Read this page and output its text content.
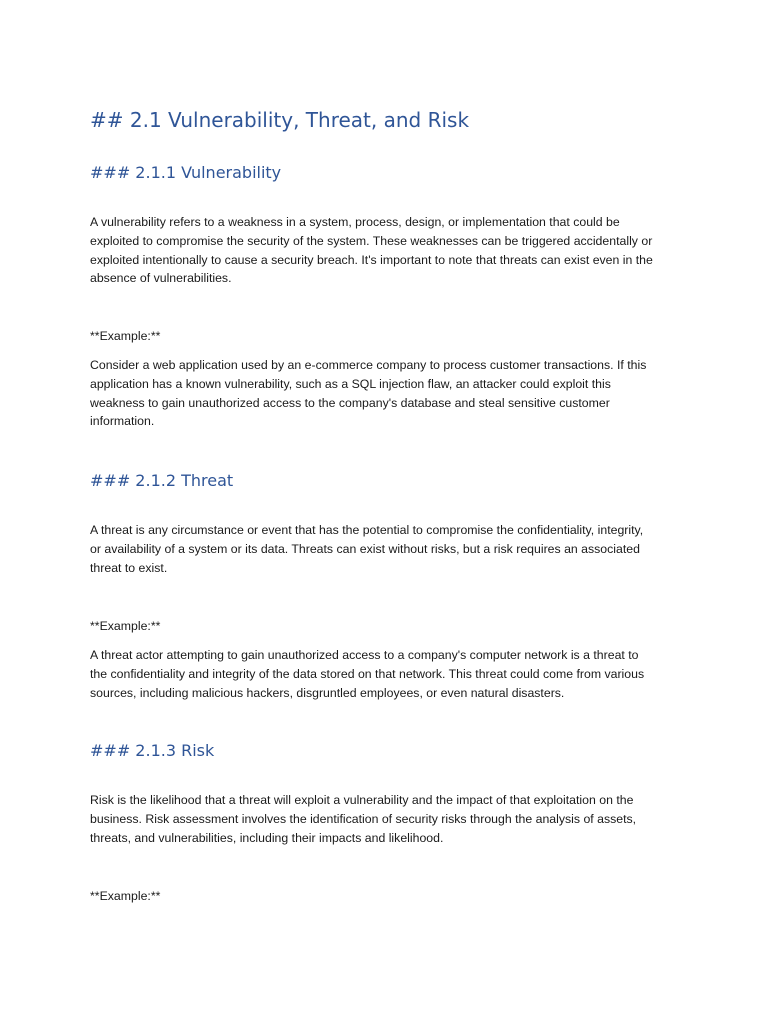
## 2.1 Vulnerability, Threat, and Risk
### 2.1.1 Vulnerability
A vulnerability refers to a weakness in a system, process, design, or implementation that could be
exploited to compromise the security of the system. These weaknesses can be triggered accidentally or
exploited intentionally to cause a security breach. It's important to note that threats can exist even in the
absence of vulnerabilities.
**Example:**
Consider a web application used by an e-commerce company to process customer transactions. If this
application has a known vulnerability, such as a SQL injection flaw, an attacker could exploit this
weakness to gain unauthorized access to the company's database and steal sensitive customer
information.
### 2.1.2 Threat
A threat is any circumstance or event that has the potential to compromise the confidentiality, integrity,
or availability of a system or its data. Threats can exist without risks, but a risk requires an associated
threat to exist.
**Example:**
A threat actor attempting to gain unauthorized access to a company's computer network is a threat to
the confidentiality and integrity of the data stored on that network. This threat could come from various
sources, including malicious hackers, disgruntled employees, or even natural disasters.
### 2.1.3 Risk
Risk is the likelihood that a threat will exploit a vulnerability and the impact of that exploitation on the
business. Risk assessment involves the identification of security risks through the analysis of assets,
threats, and vulnerabilities, including their impacts and likelihood.
**Example:**
